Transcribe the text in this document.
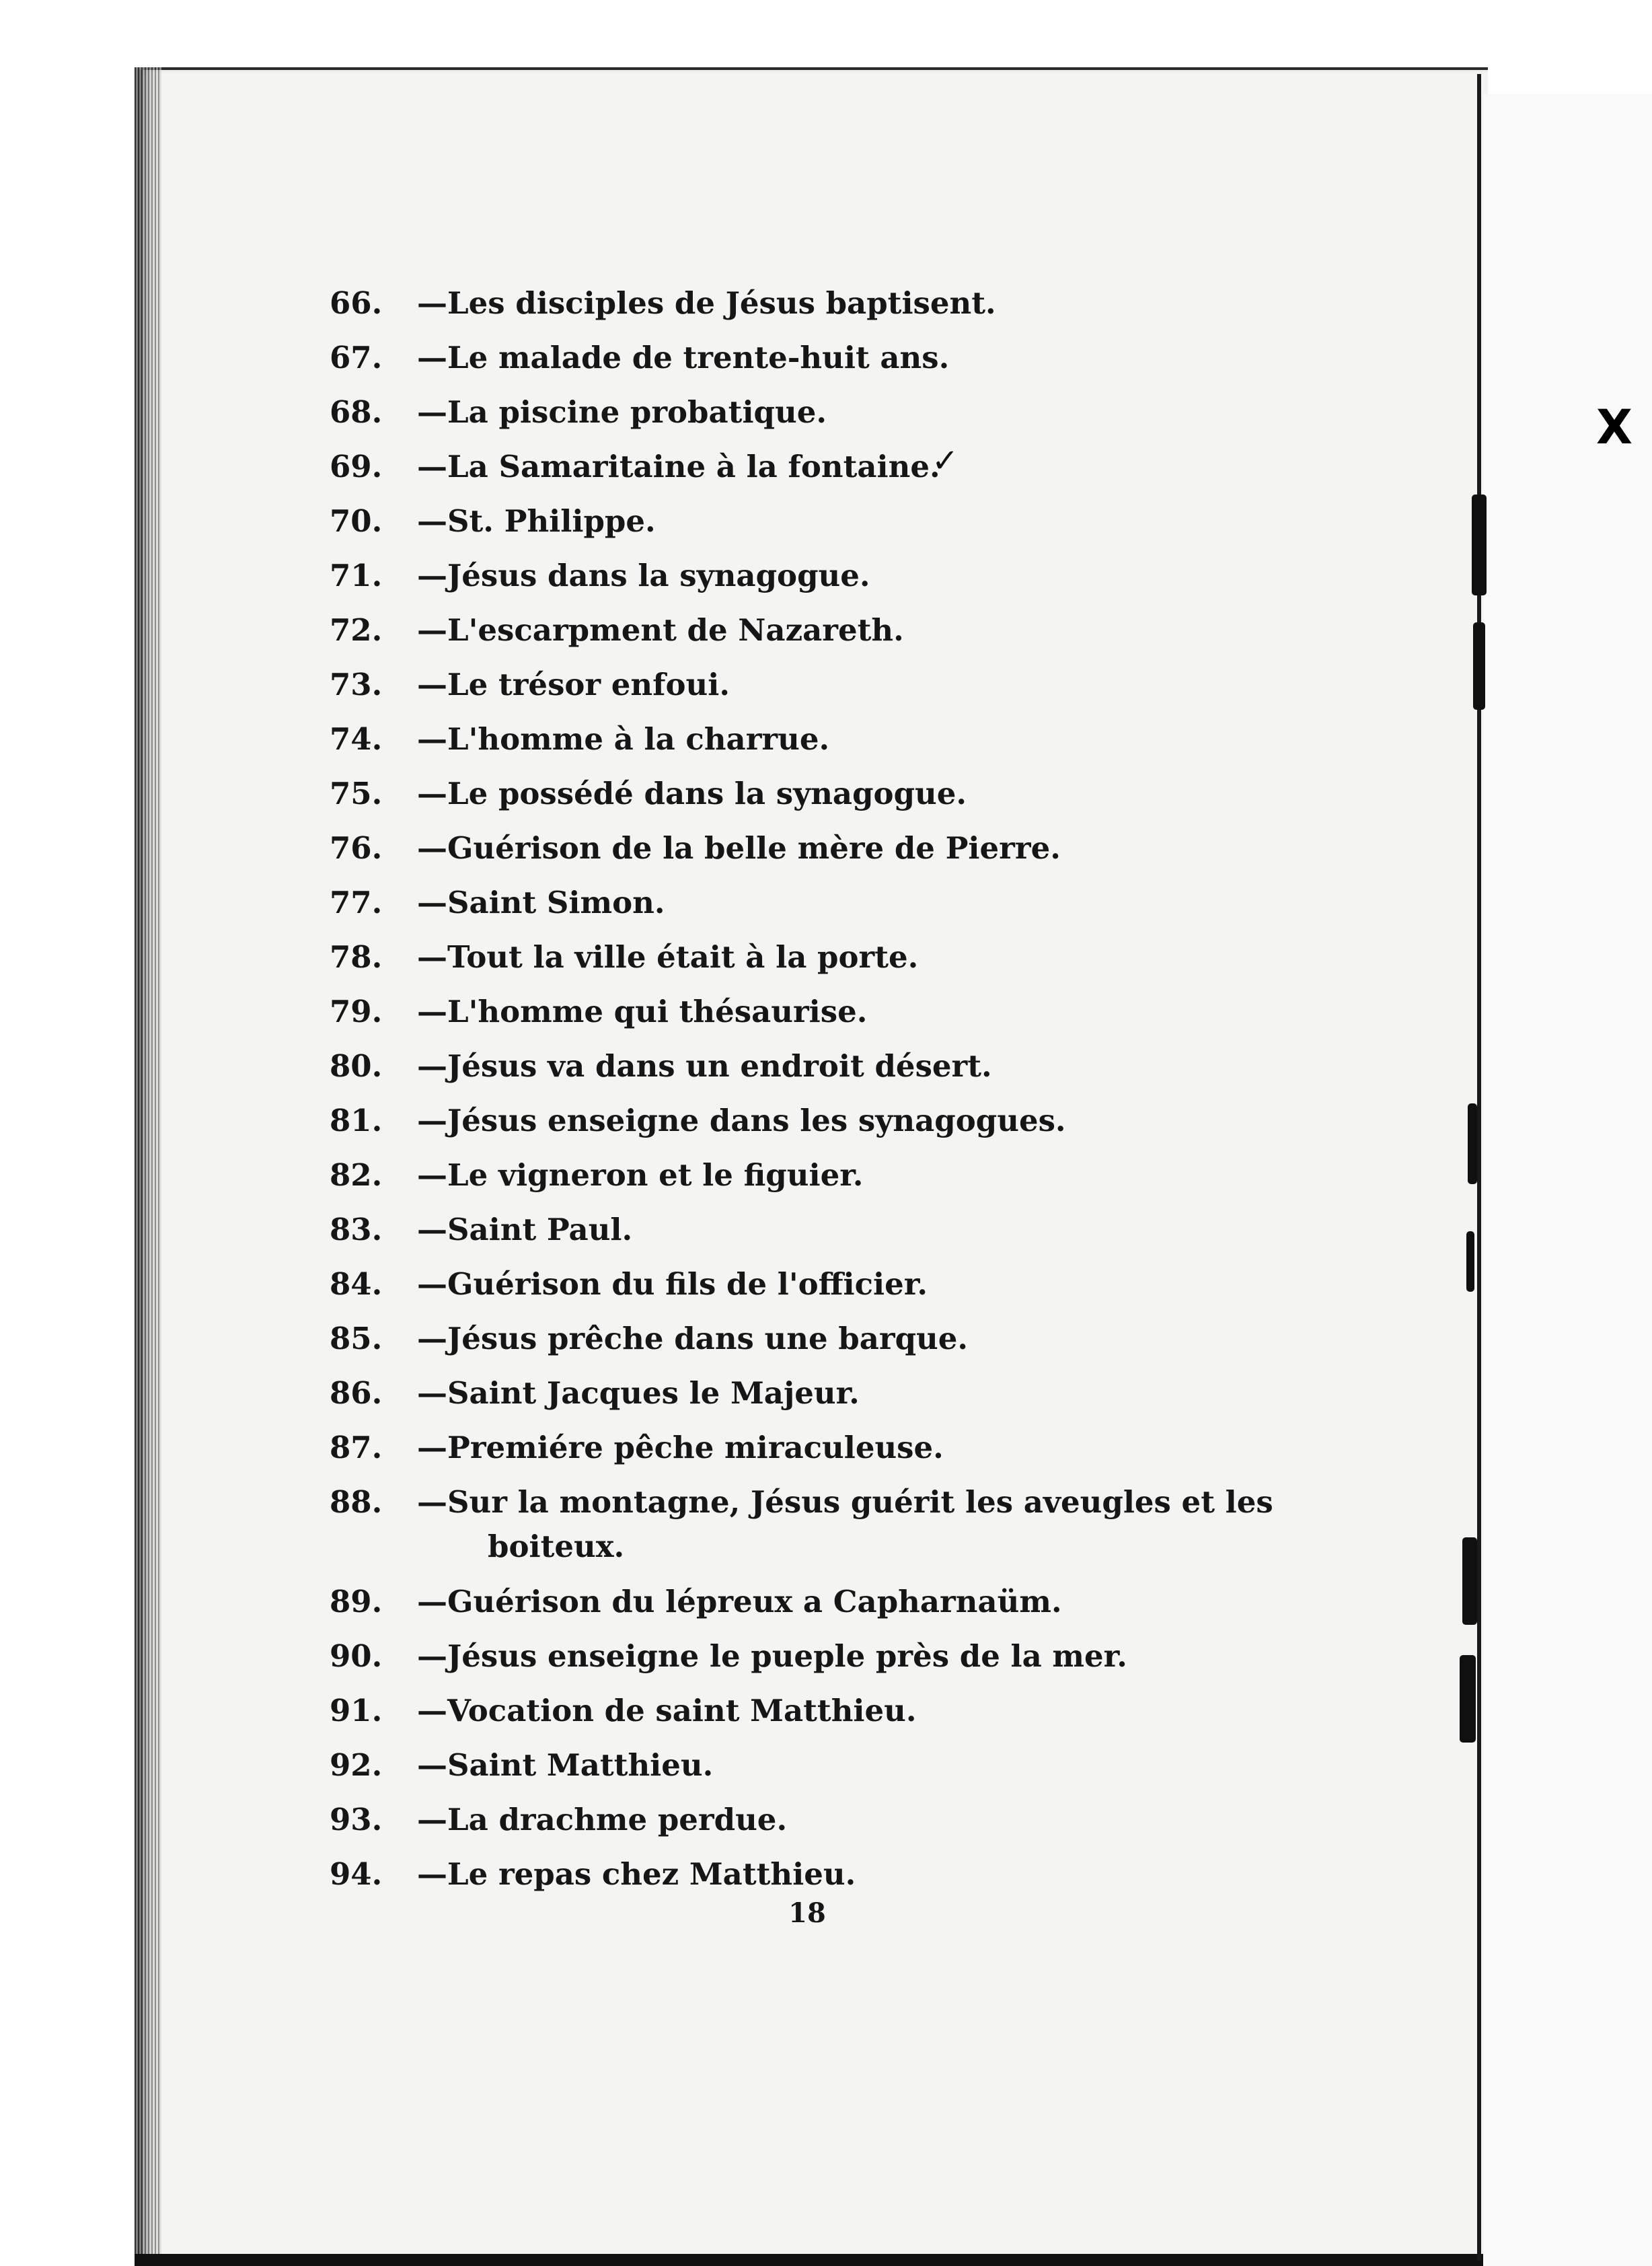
X
✓
66.	—Les disciples de Jésus baptisent.
67.	—Le malade de trente-huit ans.
68.	—La piscine probatique.
69.	—La Samaritaine à la fontaine.
70.	—St. Philippe.
71.	—Jésus dans la synagogue.
72.	—L'escarpment de Nazareth.
73.	—Le trésor enfoui.
74.	—L'homme à la charrue.
75.	—Le possédé dans la synagogue.
76.	—Guérison de la belle mère de Pierre.
77.	—Saint Simon.
78.	—Tout la ville était à la porte.
79.	—L'homme qui thésaurise.
80.	—Jésus va dans un endroit désert.
81.	—Jésus enseigne dans les synagogues.
82.	—Le vigneron et le figuier.
83.	—Saint Paul.
84.	—Guérison du fils de l'officier.
85.	—Jésus prêche dans une barque.
86.	—Saint Jacques le Majeur.
87.	—Premiére pêche miraculeuse.
88.	—Sur la montagne, Jésus guérit les aveugles et les
boiteux.
89.	—Guérison du lépreux a Capharnaüm.
90.	—Jésus enseigne le pueple près de la mer.
91.	—Vocation de saint Matthieu.
92.	—Saint Matthieu.
93.	—La drachme perdue.
94.	—Le repas chez Matthieu.
18
